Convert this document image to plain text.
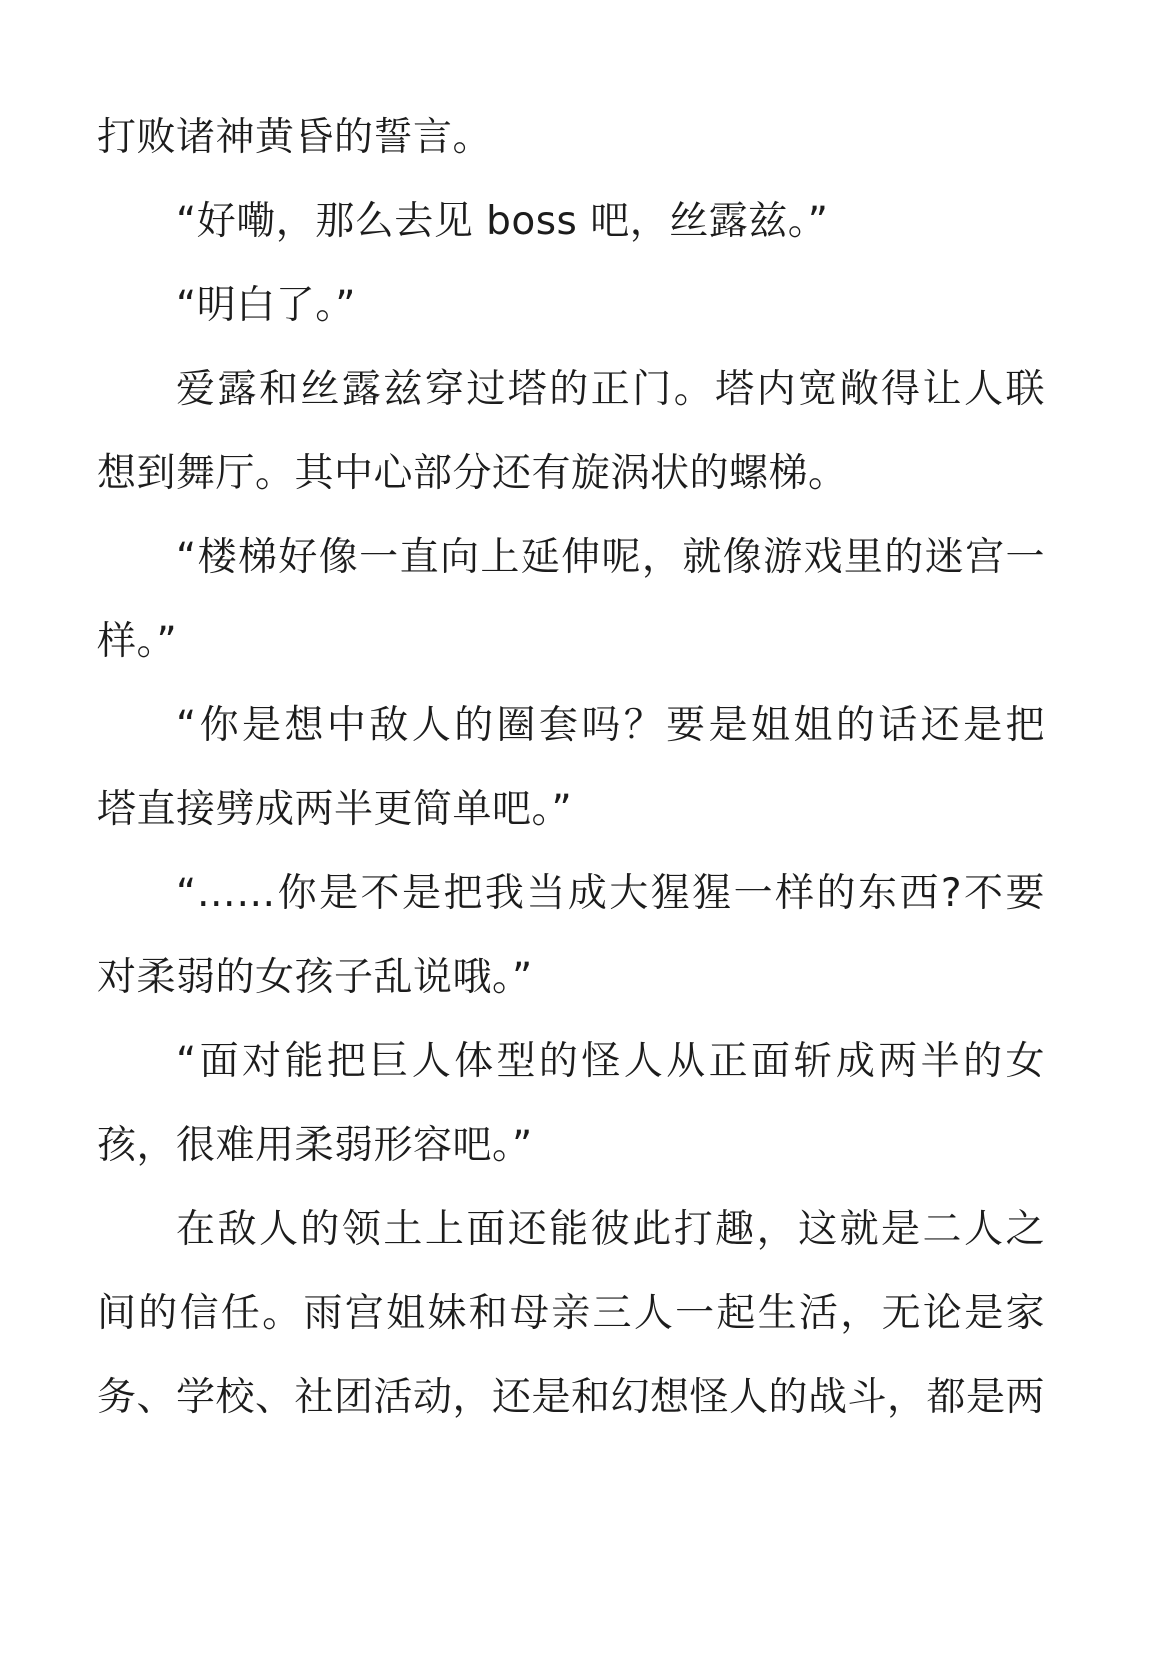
打败诸神黄昏的誓言。
“好嘞，那么去见 boss 吧，丝露兹。”
“明白了。”
爱露和丝露兹穿过塔的正门。塔内宽敞得让人联
想到舞厅。其中心部分还有旋涡状的螺梯。
“楼梯好像一直向上延伸呢，就像游戏里的迷宫一
样。”
“你是想中敌人的圈套吗？要是姐姐的话还是把
塔直接劈成两半更简单吧。”
“……你是不是把我当成大猩猩一样的东西?不要
对柔弱的女孩子乱说哦。”
“面对能把巨人体型的怪人从正面斩成两半的女
孩，很难用柔弱形容吧。”
在敌人的领土上面还能彼此打趣，这就是二人之
间的信任。雨宫姐妹和母亲三人一起生活，无论是家
务、学校、社团活动，还是和幻想怪人的战斗，都是两
